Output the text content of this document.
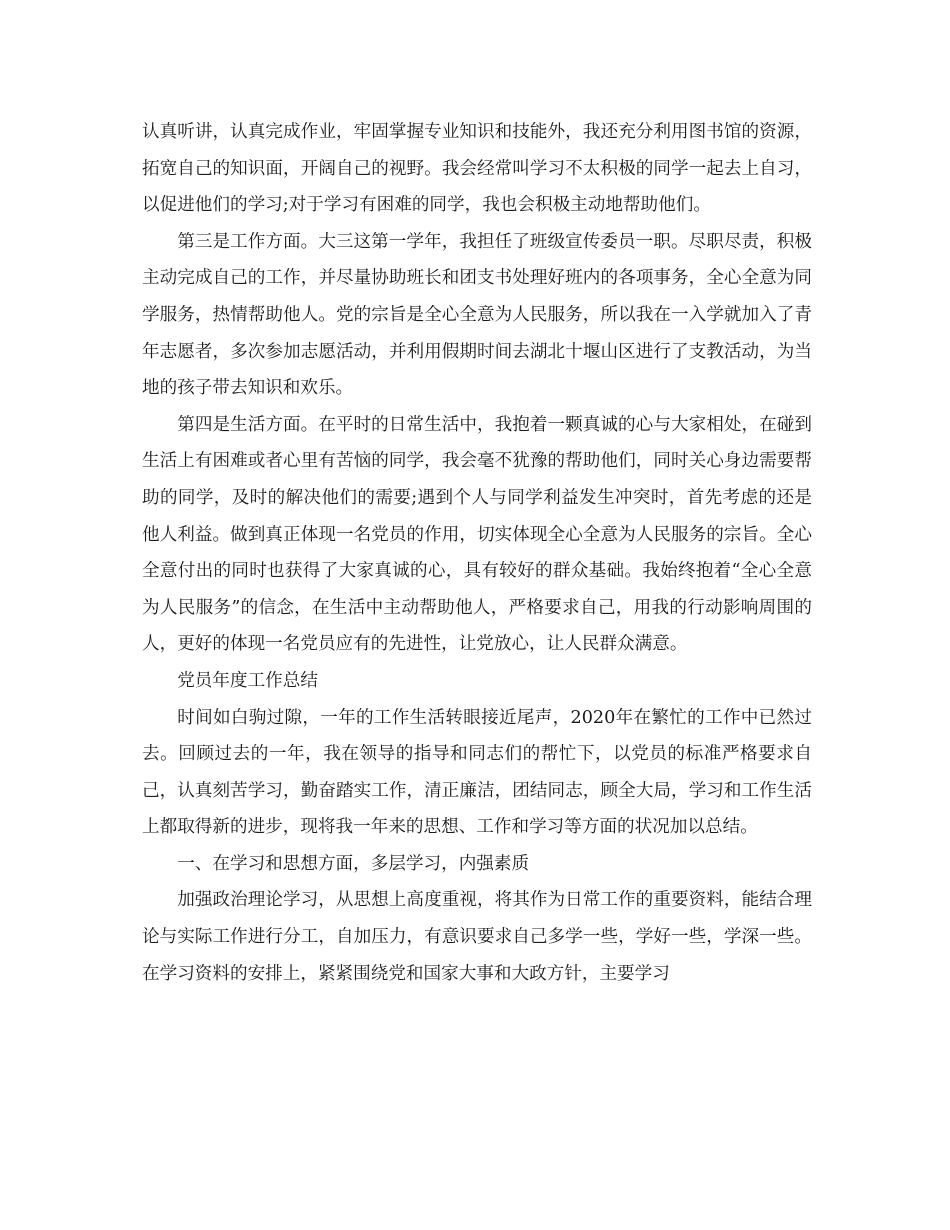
认真听讲，认真完成作业，牢固掌握专业知识和技能外，我还充分利用图书馆的资源，拓宽自己的知识面，开阔自己的视野。我会经常叫学习不太积极的同学一起去上自习，以促进他们的学习;对于学习有困难的同学，我也会积极主动地帮助他们。

第三是工作方面。大三这第一学年，我担任了班级宣传委员一职。尽职尽责，积极主动完成自己的工作，并尽量协助班长和团支书处理好班内的各项事务，全心全意为同学服务，热情帮助他人。党的宗旨是全心全意为人民服务，所以我在一入学就加入了青年志愿者，多次参加志愿活动，并利用假期时间去湖北十堰山区进行了支教活动，为当地的孩子带去知识和欢乐。

第四是生活方面。在平时的日常生活中，我抱着一颗真诚的心与大家相处，在碰到生活上有困难或者心里有苦恼的同学，我会毫不犹豫的帮助他们，同时关心身边需要帮助的同学，及时的解决他们的需要;遇到个人与同学利益发生冲突时，首先考虑的还是他人利益。做到真正体现一名党员的作用，切实体现全心全意为人民服务的宗旨。全心全意付出的同时也获得了大家真诚的心，具有较好的群众基础。我始终抱着“全心全意为人民服务”的信念，在生活中主动帮助他人，严格要求自己，用我的行动影响周围的人，更好的体现一名党员应有的先进性，让党放心，让人民群众满意。

党员年度工作总结

时间如白驹过隙，一年的工作生活转眼接近尾声，2020年在繁忙的工作中已然过去。回顾过去的一年，我在领导的指导和同志们的帮忙下，以党员的标准严格要求自己，认真刻苦学习，勤奋踏实工作，清正廉洁，团结同志，顾全大局，学习和工作生活上都取得新的进步，现将我一年来的思想、工作和学习等方面的状况加以总结。

一、在学习和思想方面，多层学习，内强素质

加强政治理论学习，从思想上高度重视，将其作为日常工作的重要资料，能结合理论与实际工作进行分工，自加压力，有意识要求自己多学一些，学好一些，学深一些。在学习资料的安排上，紧紧围绕党和国家大事和大政方针，主要学习
